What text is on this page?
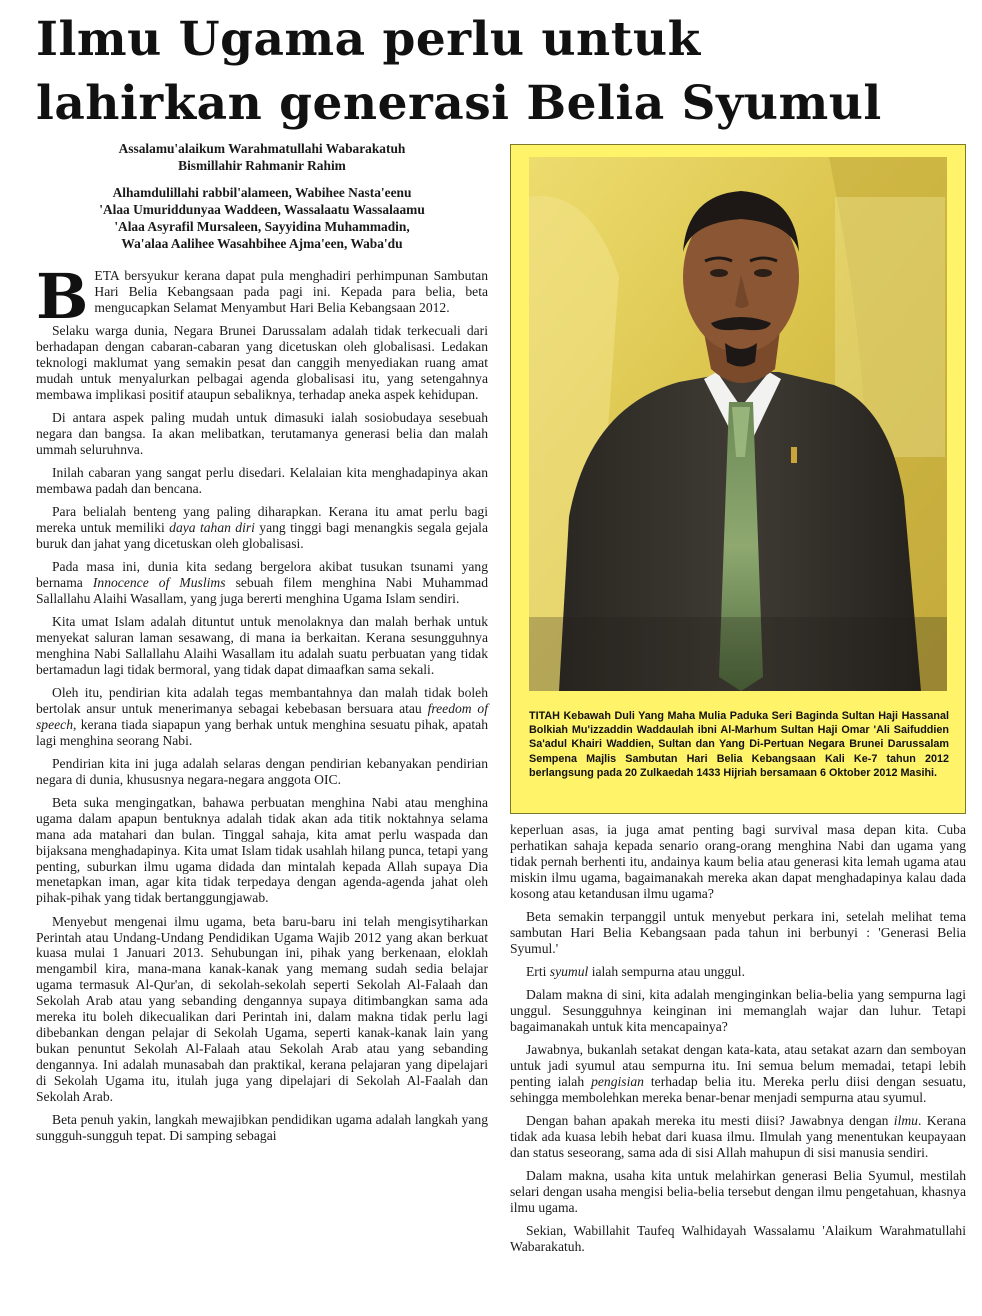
Ilmu Ugama perlu untuk
lahirkan generasi Belia Syumul
Assalamu'alaikum Warahmatullahi Wabarakatuh
Bismillahir Rahmanir Rahim
Alhamdulillahi rabbil'alameen, Wabihee Nasta'eenu
'Alaa Umuriddunyaa Waddeen, Wassalaatu Wassalaamu
'Alaa Asyrafil Mursaleen, Sayyidina Muhammadin,
Wa'alaa Aalihee Wasahbihee Ajma'een, Waba'du

BETA bersyukur kerana dapat pula menghadiri perhimpunan Sambutan Hari Belia Kebangsaan pada pagi ini. Kepada para belia, beta mengucapkan Selamat Menyambut Hari Belia Kebangsaan 2012.

Selaku warga dunia, Negara Brunei Darussalam adalah tidak terkecuali dari berhadapan dengan cabaran-cabaran yang dicetuskan oleh globalisasi. Ledakan teknologi maklumat yang semakin pesat dan canggih menyediakan ruang amat mudah untuk menyalurkan pelbagai agenda globalisasi itu, yang setengahnya membawa implikasi positif ataupun sebaliknya, terhadap aneka aspek kehidupan.

Di antara aspek paling mudah untuk dimasuki ialah sosiobudaya sesebuah negara dan bangsa. Ia akan melibatkan, terutamanya generasi belia dan malah ummah seluruhnva.

Inilah cabaran yang sangat perlu disedari. Kelalaian kita menghadapinya akan membawa padah dan bencana.

Para belialah benteng yang paling diharapkan. Kerana itu amat perlu bagi mereka untuk memiliki daya tahan diri yang tinggi bagi menangkis segala gejala buruk dan jahat yang dicetuskan oleh globalisasi.

Pada masa ini, dunia kita sedang bergelora akibat tusukan tsunami yang bernama Innocence of Muslims sebuah filem menghina Nabi Muhammad Sallallahu Alaihi Wasallam, yang juga bererti menghina Ugama Islam sendiri.

Kita umat Islam adalah dituntut untuk menolaknya dan malah berhak untuk menyekat saluran laman sesawang, di mana ia berkaitan. Kerana sesungguhnya menghina Nabi Sallallahu Alaihi Wasallam itu adalah suatu perbuatan yang tidak bertamadun lagi tidak bermoral, yang tidak dapat dimaafkan sama sekali.

Oleh itu, pendirian kita adalah tegas membantahnya dan malah tidak boleh bertolak ansur untuk menerimanya sebagai kebebasan bersuara atau freedom of speech, kerana tiada siapapun yang berhak untuk menghina sesuatu pihak, apatah lagi menghina seorang Nabi.

Pendirian kita ini juga adalah selaras dengan pendirian kebanyakan pendirian negara di dunia, khususnya negara-negara anggota OIC.

Beta suka mengingatkan, bahawa perbuatan menghina Nabi atau menghina ugama dalam apapun bentuknya adalah tidak akan ada titik noktahnya selama mana ada matahari dan bulan. Tinggal sahaja, kita amat perlu waspada dan bijaksana menghadapinya. Kita umat Islam tidak usahlah hilang punca, tetapi yang penting, suburkan ilmu ugama didada dan mintalah kepada Allah supaya Dia menetapkan iman, agar kita tidak terpedaya dengan agenda-agenda jahat oleh pihak-pihak yang tidak bertanggungjawab.

Menyebut mengenai ilmu ugama, beta baru-baru ini telah mengisytiharkan Perintah atau Undang-Undang Pendidikan Ugama Wajib 2012 yang akan berkuat kuasa mulai 1 Januari 2013. Sehubungan ini, pihak yang berkenaan, eloklah mengambil kira, mana-mana kanak-kanak yang memang sudah sedia belajar ugama termasuk Al-Qur'an, di sekolah-sekolah seperti Sekolah Al-Falaah dan Sekolah Arab atau yang sebanding dengannya supaya ditimbangkan sama ada mereka itu boleh dikecualikan dari Perintah ini, dalam makna tidak perlu lagi dibebankan dengan pelajar di Sekolah Ugama, seperti kanak-kanak lain yang bukan penuntut Sekolah Al-Falaah atau Sekolah Arab atau yang sebanding dengannya. Ini adalah munasabah dan praktikal, kerana pelajaran yang dipelajari di Sekolah Ugama itu, itulah juga yang dipelajari di Sekolah Al-Faalah dan Sekolah Arab.

Beta penuh yakin, langkah mewajibkan pendidikan ugama adalah langkah yang sungguh-sungguh tepat. Di samping sebagai

TITAH Kebawah Duli Yang Maha Mulia Paduka Seri Baginda Sultan Haji Hassanal Bolkiah Mu'izzaddin Waddaulah ibni Al-Marhum Sultan Haji Omar 'Ali Saifuddien Sa'adul Khairi Waddien, Sultan dan Yang Di-Pertuan Negara Brunei Darussalam Sempena Majlis Sambutan Hari Belia Kebangsaan Kali Ke-7 tahun 2012 berlangsung pada 20 Zulkaedah 1433 Hijriah bersamaan 6 Oktober 2012 Masihi.

keperluan asas, ia juga amat penting bagi survival masa depan kita. Cuba perhatikan sahaja kepada senario orang-orang menghina Nabi dan ugama yang tidak pernah berhenti itu, andainya kaum belia atau generasi kita lemah ugama atau miskin ilmu ugama, bagaimanakah mereka akan dapat menghadapinya kalau dada kosong atau ketandusan ilmu ugama?

Beta semakin terpanggil untuk menyebut perkara ini, setelah melihat tema sambutan Hari Belia Kebangsaan pada tahun ini berbunyi : 'Generasi Belia Syumul.'

Erti syumul ialah sempurna atau unggul.

Dalam makna di sini, kita adalah menginginkan belia-belia yang sempurna lagi unggul. Sesungguhnya keinginan ini memanglah wajar dan luhur. Tetapi bagaimanakah untuk kita mencapainya?

Jawabnya, bukanlah setakat dengan kata-kata, atau setakat azarn dan semboyan untuk jadi syumul atau sempurna itu. Ini semua belum memadai, tetapi lebih penting ialah pengisian terhadap belia itu. Mereka perlu diisi dengan sesuatu, sehingga membolehkan mereka benar-benar menjadi sempurna atau syumul.

Dengan bahan apakah mereka itu mesti diisi? Jawabnya dengan ilmu. Kerana tidak ada kuasa lebih hebat dari kuasa ilmu. Ilmulah yang menentukan keupayaan dan status seseorang, sama ada di sisi Allah mahupun di sisi manusia sendiri.

Dalam makna, usaha kita untuk melahirkan generasi Belia Syumul, mestilah selari dengan usaha mengisi belia-belia tersebut dengan ilmu pengetahuan, khasnya ilmu ugama.

Sekian, Wabillahit Taufeq Walhidayah Wassalamu 'Alaikum Warahmatullahi Wabarakatuh.
